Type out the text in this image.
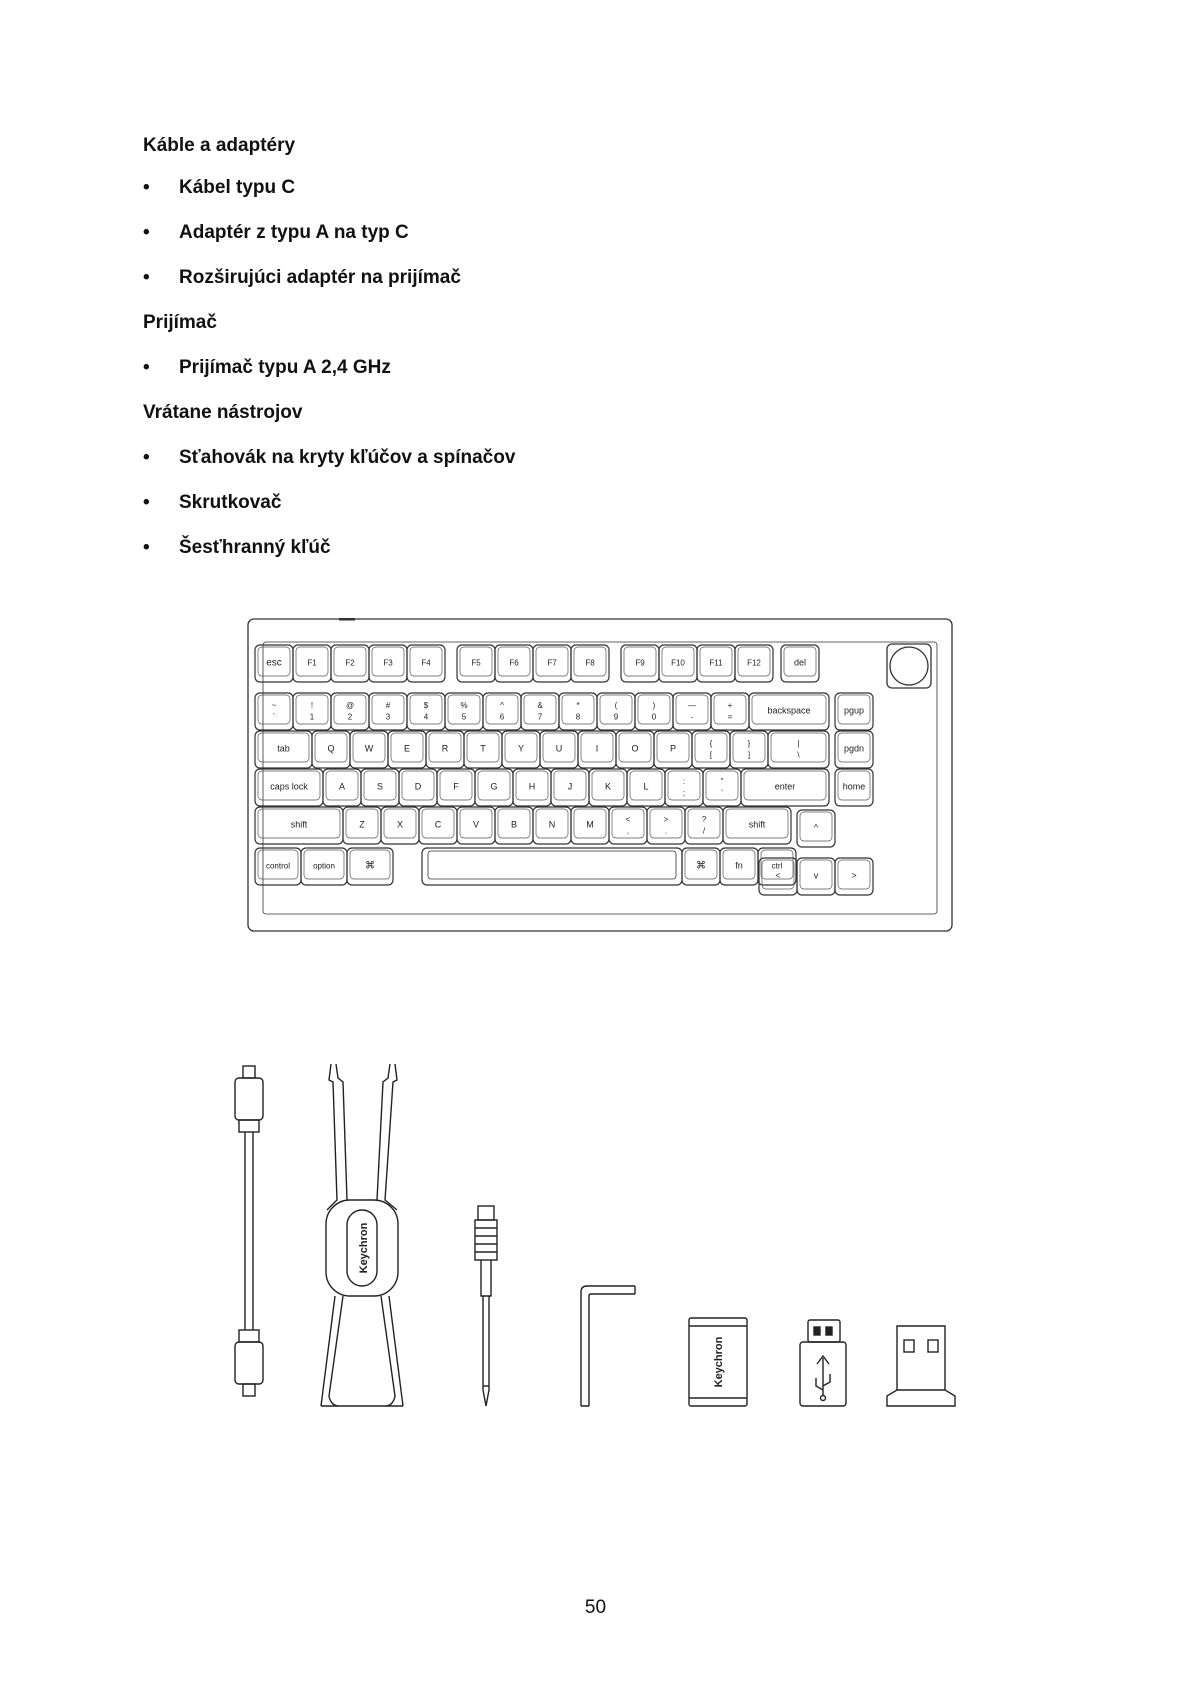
Káble a adaptéry
•	Kábel typu C
•	Adaptér z typu A na typ C
•	Rozširujúci adaptér na prijímač
Prijímač
•	Prijímač typu A 2,4 GHz
Vrátane nástrojov
•	Sťahovák na kryty kľúčov a spínačov
•	Skrutkovač
•	Šesťhranný kľúč
esc	F1	F2	F3	F4	F5	F6	F7	F8	F9	F10	F11	F12	del
~
`
!
1
@
2
#
3
$
4
%
5
^
6
&
7
*
8
(
9
)
0
—
-
+
=
backspace	pgup
tab	Q	W	E	R	T	Y	U	I	O	P
{
[
}
]
|
\
pgdn
caps lock	A	S	D	F	G	H	J	K	L
:
;
"
'
enter	home
shift	Z	X	C	V	B	N	M
<
,
>
.
?
/
shift	^
control	option	⌘	⌘	fn	ctrl
<	v	>
Keychron
Keychron
50
